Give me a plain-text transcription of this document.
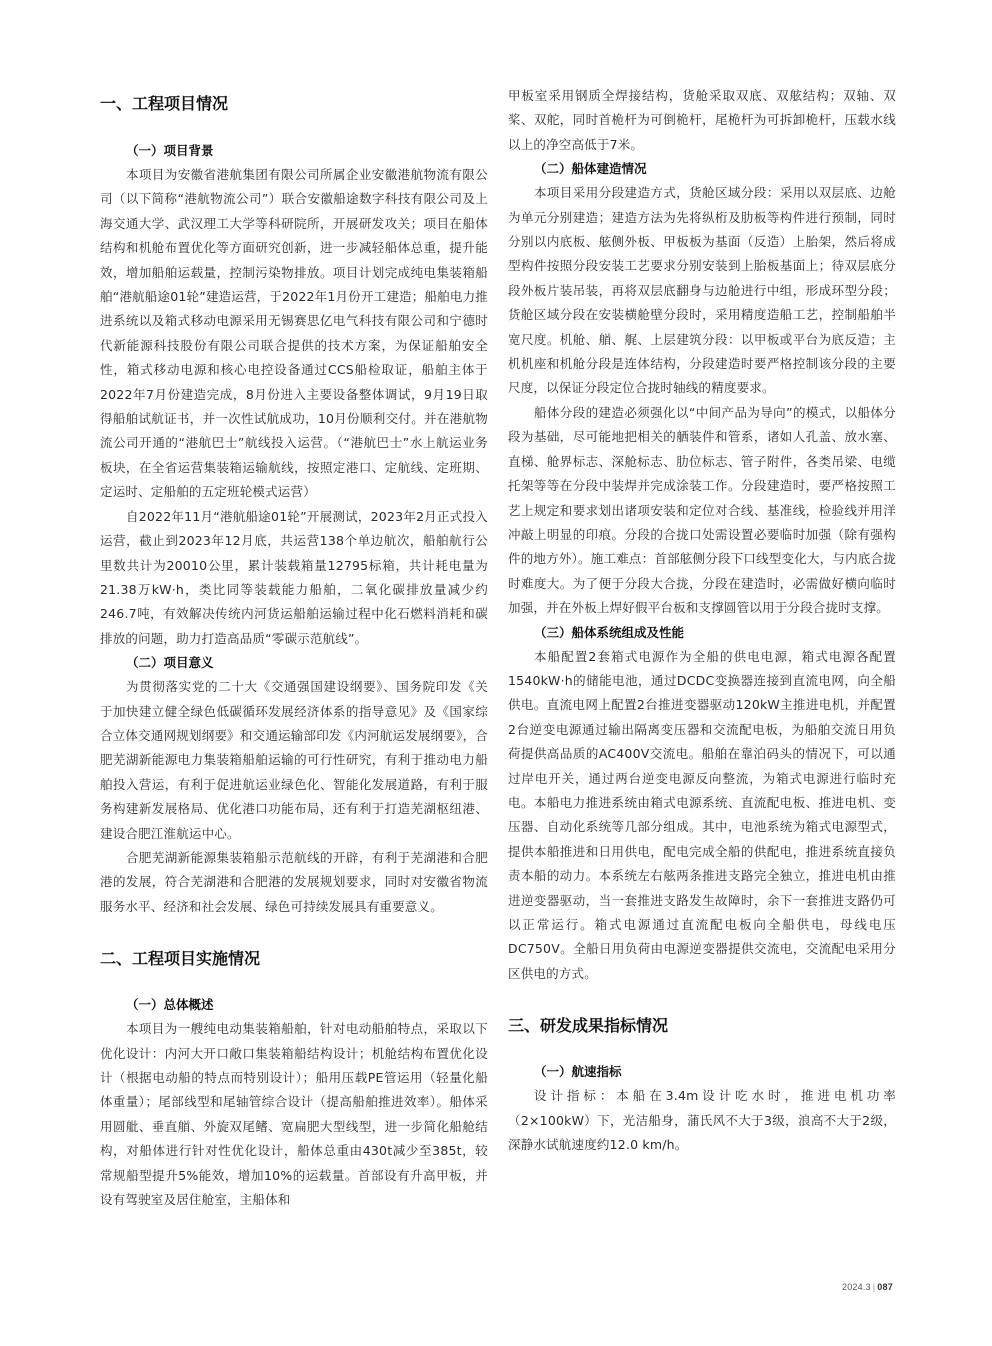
一、工程项目情况
（一）项目背景

本项目为安徽省港航集团有限公司所属企业安徽港航物流有限公司（以下简称“港航物流公司”）联合安徽船途数字科技有限公司及上海交通大学、武汉理工大学等科研院所，开展研发攻关；项目在船体结构和机舱布置优化等方面研究创新，进一步减轻船体总重，提升能效，增加船舶运载量，控制污染物排放。项目计划完成纯电集装箱船舶“港航船途01轮”建造运营，于2022年1月份开工建造；船舶电力推进系统以及箱式移动电源采用无锡赛思亿电气科技有限公司和宁德时代新能源科技股份有限公司联合提供的技术方案，为保证船舶安全性，箱式移动电源和核心电控设备通过CCS船检取证，船舶主体于2022年7月份建造完成，8月份进入主要设备整体调试，9月19日取得船舶试航证书，并一次性试航成功，10月份顺利交付。并在港航物流公司开通的“港航巴士”航线投入运营。（“港航巴士”水上航运业务板块，在全省运营集装箱运输航线，按照定港口、定航线、定班期、定运时、定船舶的五定班轮模式运营）

自2022年11月“港航船途01轮”开展测试，2023年2月正式投入运营，截止到2023年12月底，共运营138个单边航次，船舶航行公里数共计为20010公里，累计装载箱量12795标箱，共计耗电量为21.38万kW·h，类比同等装载能力船舶，二氧化碳排放量减少约246.7吨，有效解决传统内河货运船舶运输过程中化石燃料消耗和碳排放的问题，助力打造高品质“零碳示范航线”。

（二）项目意义

为贯彻落实党的二十大《交通强国建设纲要》、国务院印发《关于加快建立健全绿色低碳循环发展经济体系的指导意见》及《国家综合立体交通网规划纲要》和交通运输部印发《内河航运发展纲要》，合肥芜湖新能源电力集装箱船舶运输的可行性研究，有利于推动电力船舶投入营运，有利于促进航运业绿色化、智能化发展道路，有利于服务构建新发展格局、优化港口功能布局，还有利于打造芜湖枢纽港、建设合肥江淮航运中心。

合肥芜湖新能源集装箱船示范航线的开辟，有利于芜湖港和合肥港的发展，符合芜湖港和合肥港的发展规划要求，同时对安徽省物流服务水平、经济和社会发展、绿色可持续发展具有重要意义。

二、工程项目实施情况
（一）总体概述

本项目为一艘纯电动集装箱船舶，针对电动船舶特点，采取以下优化设计：内河大开口敞口集装箱船结构设计；机舱结构布置优化设计（根据电动船的特点而特别设计）；船用压载PE管运用（轻量化船体重量）；尾部线型和尾轴管综合设计（提高船舶推进效率）。船体采用圆舭、垂直艏、外旋双尾鳍、宽扁肥大型线型，进一步简化船舱结构，对船体进行针对性优化设计，船体总重由430t减少至385t，较常规船型提升5%能效，增加10%的运载量。首部设有升高甲板，并设有驾驶室及居住舱室，主船体和

甲板室采用钢质全焊接结构，货舱采取双底、双舷结构；双轴、双桨、双舵，同时首桅杆为可倒桅杆，尾桅杆为可拆卸桅杆，压载水线以上的净空高低于7米。

（二）船体建造情况

本项目采用分段建造方式，货舱区域分段：采用以双层底、边舱为单元分别建造；建造方法为先将纵桁及肋板等构件进行预制，同时分别以内底板、舷侧外板、甲板板为基面（反造）上胎架，然后将成型构件按照分段安装工艺要求分别安装到上胎板基面上；待双层底分段外板片装吊装，再将双层底翻身与边舱进行中组，形成环型分段；货舱区域分段在安装横舱壁分段时，采用精度造船工艺，控制船舶半宽尺度。机舱、艏、艉、上层建筑分段：以甲板或平台为底反造；主机机座和机舱分段是连体结构，分段建造时要严格控制该分段的主要尺度，以保证分段定位合拢时轴线的精度要求。

船体分段的建造必须强化以“中间产品为导向”的模式，以船体分段为基础，尽可能地把相关的舾装件和管系，诸如人孔盖、放水塞、直梯、舱界标志、深舱标志、肋位标志、管子附件，各类吊梁、电缆托架等等在分段中装焊并完成涂装工作。分段建造时，要严格按照工艺上规定和要求划出诸项安装和定位对合线、基准线，检验线并用洋冲敲上明显的印痕。分段的合拢口处需设置必要临时加强（除有强构件的地方外）。施工难点：首部舷侧分段下口线型变化大，与内底合拢时难度大。为了便于分段大合拢，分段在建造时，必需做好横向临时加强，并在外板上焊好假平台板和支撑圆管以用于分段合拢时支撑。

（三）船体系统组成及性能

本船配置2套箱式电源作为全船的供电电源，箱式电源各配置1540kW·h的储能电池，通过DCDC变换器连接到直流电网，向全船供电。直流电网上配置2台推进变器驱动120kW主推进电机，并配置2台逆变电源通过输出隔离变压器和交流配电板，为船舶交流日用负荷提供高品质的AC400V交流电。船舶在靠泊码头的情况下，可以通过岸电开关，通过两台逆变电源反向整流，为箱式电源进行临时充电。本船电力推进系统由箱式电源系统、直流配电板、推进电机、变压器、自动化系统等几部分组成。其中，电池系统为箱式电源型式，提供本船推进和日用供电，配电完成全船的供配电，推进系统直接负责本船的动力。本系统左右舷两条推进支路完全独立，推进电机由推进逆变器驱动，当一套推进支路发生故障时，余下一套推进支路仍可以正常运行。箱式电源通过直流配电板向全船供电，母线电压DC750V。全船日用负荷由电源逆变器提供交流电，交流配电采用分区供电的方式。

三、研发成果指标情况
（一）航速指标

设计指标：本船在3.4m设计吃水时，推进电机功率（2×100kW）下，光洁船身，蒲氏风不大于3级，浪高不大于2级，深静水试航速度约12.0 km/h。

2024.3 | 087
